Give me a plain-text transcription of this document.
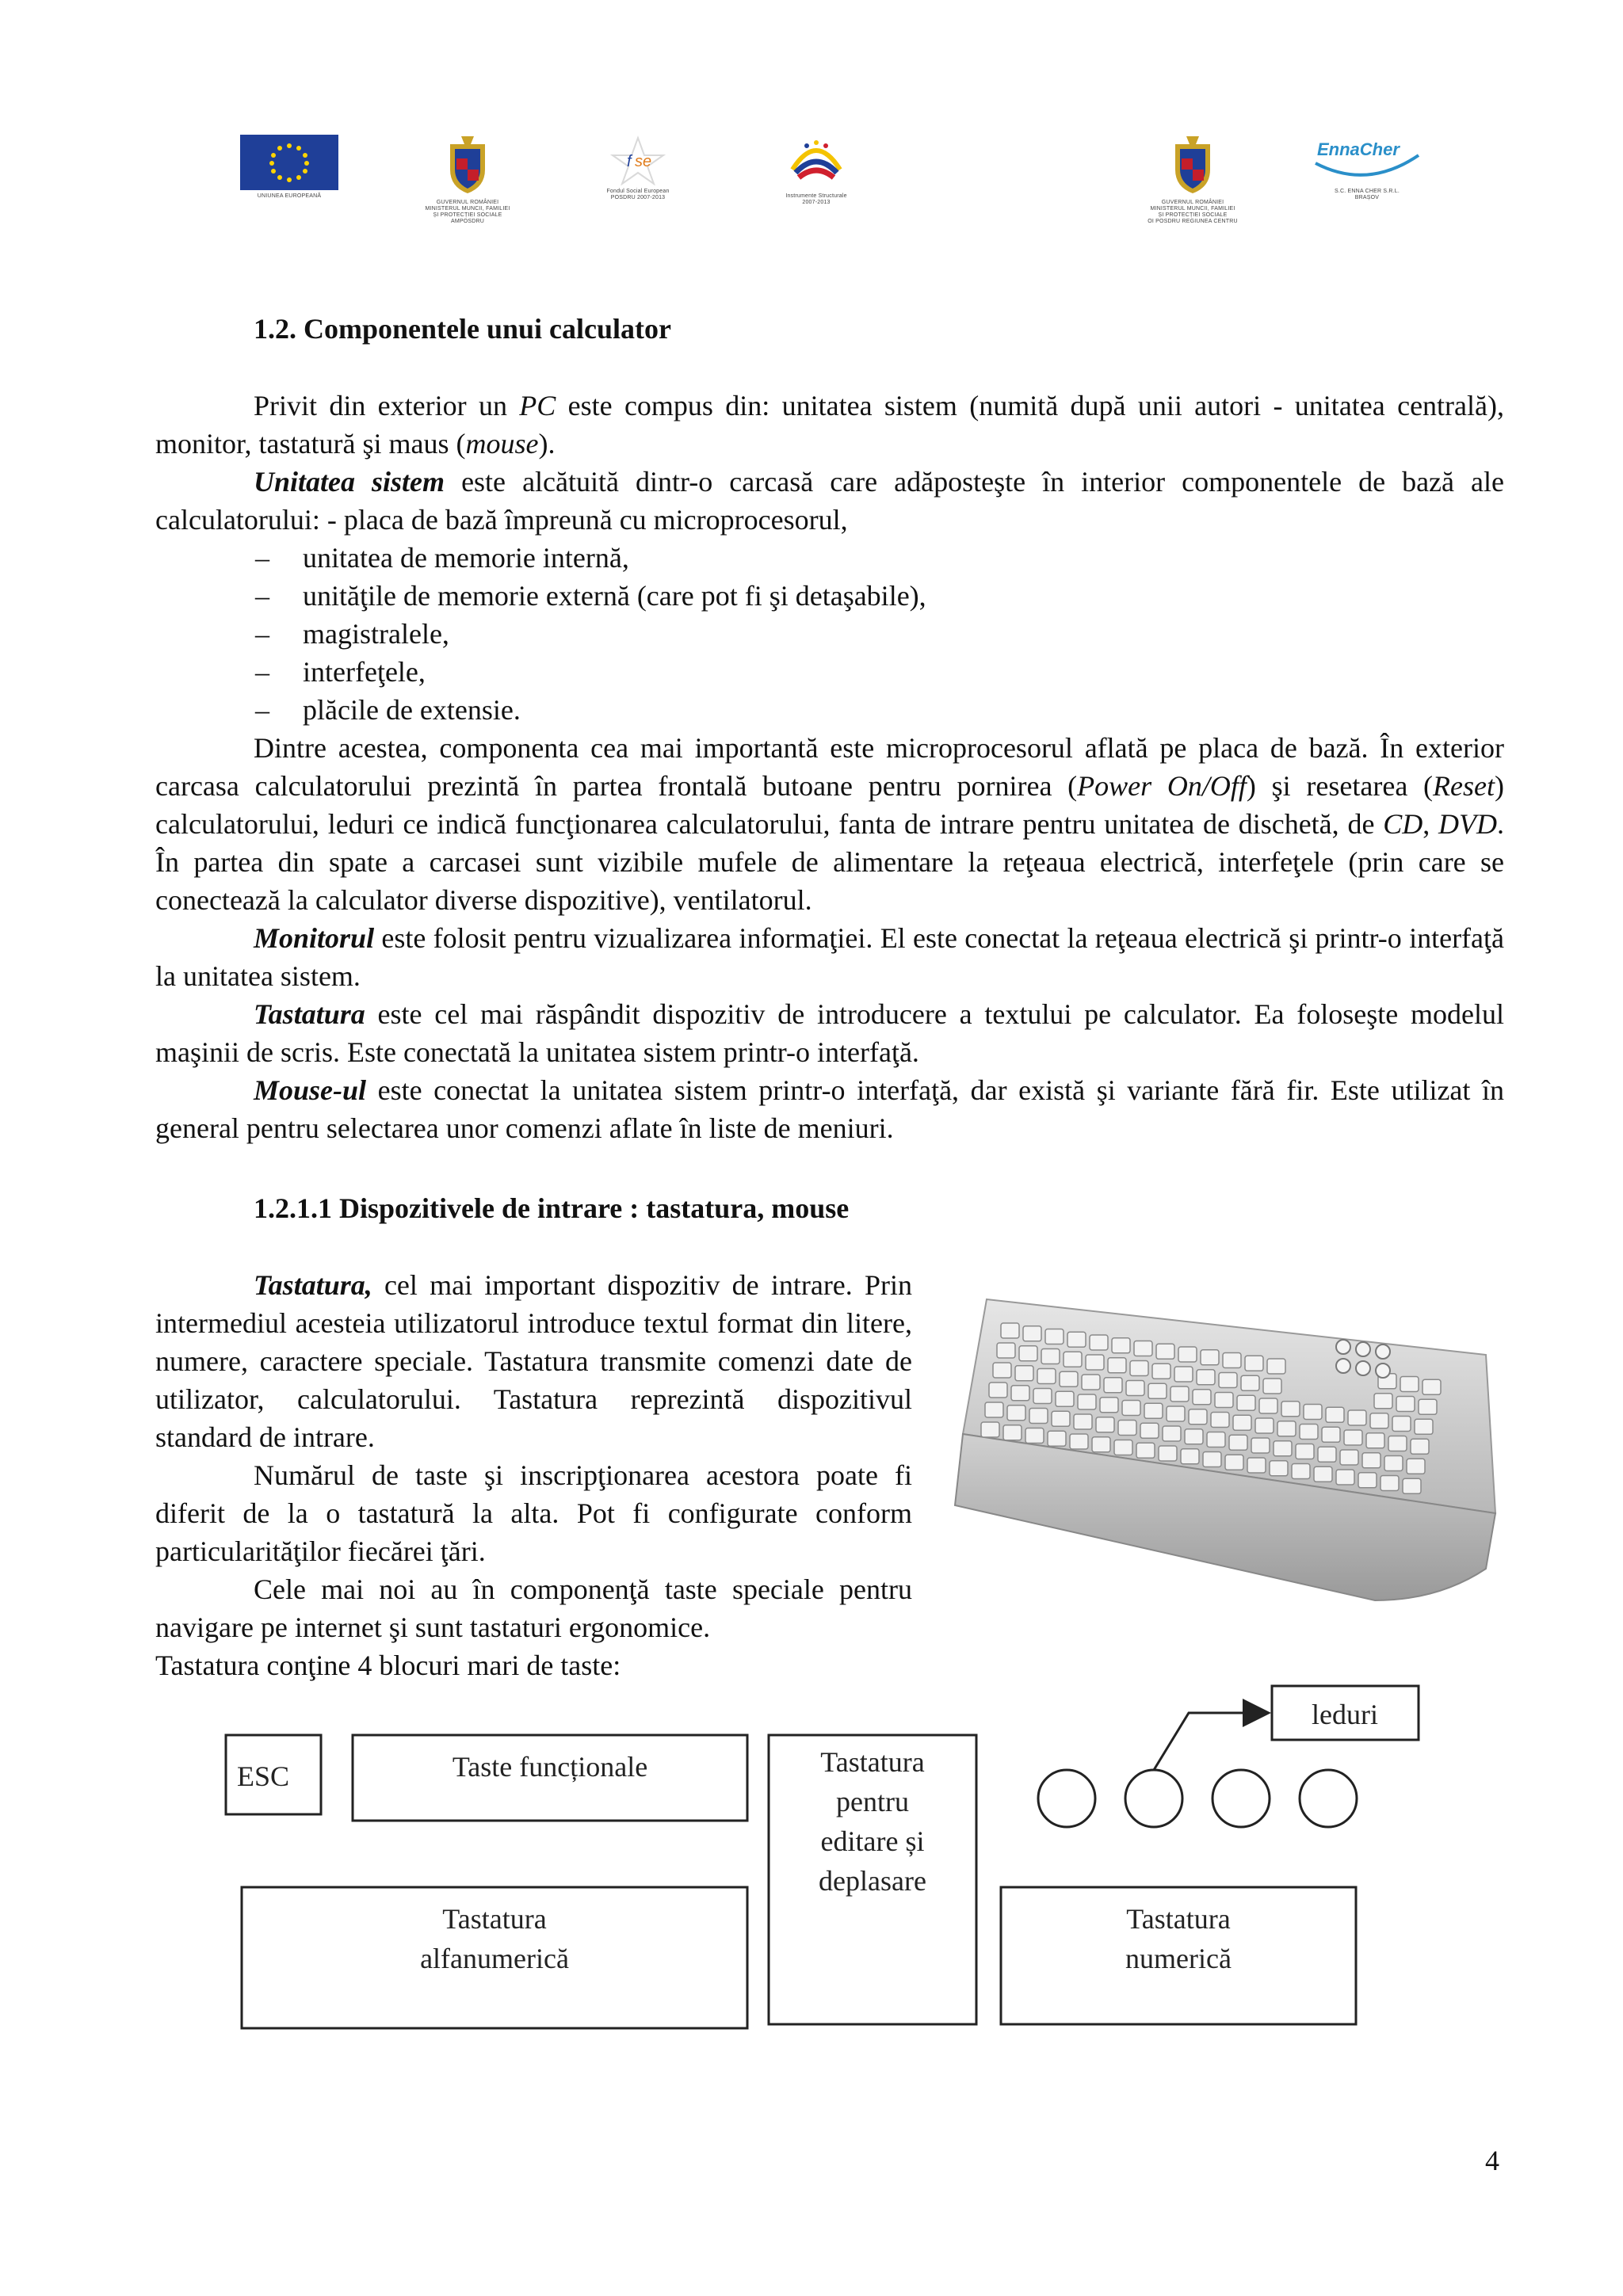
UNIUNEA EUROPEANĂ
GUVERNUL ROMÂNIEI
MINISTERUL MUNCII, FAMILIEI
ȘI PROTECȚIEI SOCIALE
AMPOSDRU
f se
Fondul Social European
POSDRU 2007-2013	Instrumente Structurale
2007-2013	GUVERNUL ROMÂNIEI
MINISTERUL MUNCII, FAMILIEI
ȘI PROTECȚIEI SOCIALE
OI POSDRU REGIUNEA CENTRU
EnnaCher
S.C. ENNA CHER S.R.L.
BRAȘOV
1.2. Componentele unui calculator

Privit din exterior un PC este compus din: unitatea sistem (numită după unii autori - unitatea centrală), monitor, tastatură şi maus (mouse).

Unitatea sistem este alcătuită dintr-o carcasă care adăposteşte în interior componentele de bază ale calculatorului: - placa de bază împreună cu microprocesorul,

– unitatea de memorie internă,
– unităţile de memorie externă (care pot fi şi detaşabile),
– magistralele,
– interfeţele,
– plăcile de extensie.

Dintre acestea, componenta cea mai importantă este microprocesorul aflată pe placa de bază. În exterior carcasa calculatorului prezintă în partea frontală butoane pentru pornirea (Power On/Off) şi resetarea (Reset) calculatorului, leduri ce indică funcţionarea calculatorului, fanta de intrare pentru unitatea de dischetă, de CD, DVD. În partea din spate a carcasei sunt vizibile mufele de alimentare la reţeaua electrică, interfeţele (prin care se conectează la calculator diverse dispozitive), ventilatorul.

Monitorul este folosit pentru vizualizarea informaţiei. El este conectat la reţeaua electrică şi printr-o interfaţă la unitatea sistem.

Tastatura este cel mai răspândit dispozitiv de introducere a textului pe calculator. Ea foloseşte modelul maşinii de scris. Este conectată la unitatea sistem printr-o interfaţă.

Mouse-ul este conectat la unitatea sistem printr-o interfaţă, dar există şi variante fără fir. Este utilizat în general pentru selectarea unor comenzi aflate în liste de meniuri.

1.2.1.1 Dispozitivele de intrare : tastatura, mouse

Tastatura, cel mai important dispozitiv de intrare. Prin intermediul acesteia utilizatorul introduce textul format din litere, numere, caractere speciale. Tastatura transmite comenzi date de utilizator, calculatorului. Tastatura reprezintă dispozitivul standard de intrare.

Numărul de taste şi inscripţionarea acestora poate fi diferit de la o tastatură la alta. Pot fi configurate conform particularităţilor fiecărei ţări.

Cele mai noi au în componenţă taste speciale pentru navigare pe internet şi sunt tastaturi ergonomice.

Tastatura conţine 4 blocuri mari de taste:

ESC	Taste funcționale	Tastatura
pentru
editare și
deplasare
Tastatura
alfanumerică
Tastatura
numerică
leduri
4
